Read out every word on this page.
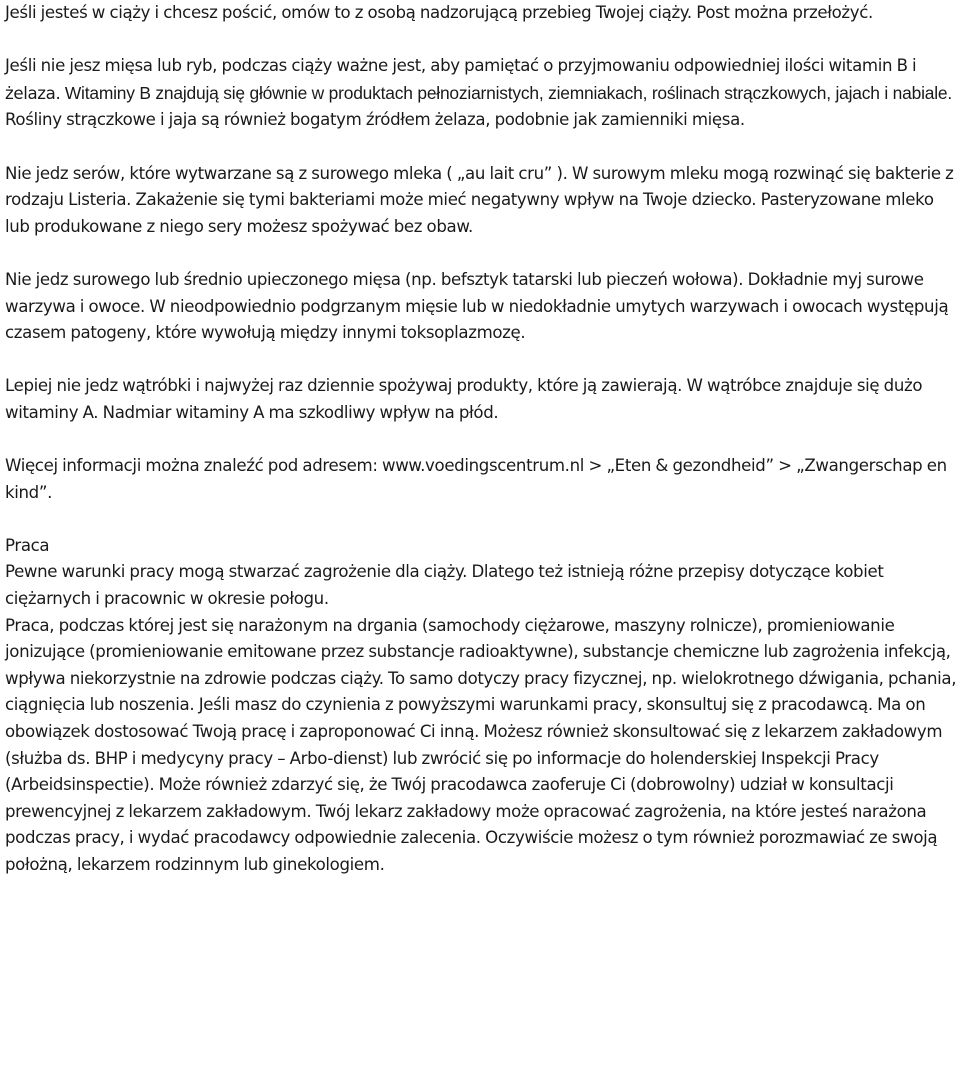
Jeśli jesteś w ciąży i chcesz pościć, omów to z osobą nadzorującą przebieg Twojej ciąży. Post można przełożyć.

Jeśli nie jesz mięsa lub ryb, podczas ciąży ważne jest, aby pamiętać o przyjmowaniu odpowiedniej ilości witamin B i żelaza. Witaminy B znajdują się głównie w produktach pełnoziarnistych, ziemniakach, roślinach strączkowych, jajach i nabiale. Rośliny strączkowe i jaja są również bogatym źródłem żelaza, podobnie jak zamienniki mięsa.

Nie jedz serów, które wytwarzane są z surowego mleka ( „au lait cru” ). W surowym mleku mogą rozwinąć się bakterie z rodzaju Listeria. Zakażenie się tymi bakteriami może mieć negatywny wpływ na Twoje dziecko. Pasteryzowane mleko lub produkowane z niego sery możesz spożywać bez obaw.

Nie jedz surowego lub średnio upieczonego mięsa (np. befsztyk tatarski lub pieczeń wołowa). Dokładnie myj surowe warzywa i owoce. W nieodpowiednio podgrzanym mięsie lub w niedokładnie umytych warzywach i owocach występują czasem patogeny, które wywołują między innymi toksoplazmozę.

Lepiej nie jedz wątróbki i najwyżej raz dziennie spożywaj produkty, które ją zawierają. W wątróbce znajduje się dużo witaminy A. Nadmiar witaminy A ma szkodliwy wpływ na płód.

Więcej informacji można znaleźć pod adresem: www.voedingscentrum.nl > „Eten & gezondheid” > „Zwangerschap en kind”.

Praca

Pewne warunki pracy mogą stwarzać zagrożenie dla ciąży. Dlatego też istnieją różne przepisy dotyczące kobiet ciężarnych i pracownic w okresie połogu.

Praca, podczas której jest się narażonym na drgania (samochody ciężarowe, maszyny rolnicze), promieniowanie jonizujące (promieniowanie emitowane przez substancje radioaktywne), substancje chemiczne lub zagrożenia infekcją, wpływa niekorzystnie na zdrowie podczas ciąży. To samo dotyczy pracy fizycznej, np. wielokrotnego dźwigania, pchania, ciągnięcia lub noszenia. Jeśli masz do czynienia z powyższymi warunkami pracy, skonsultuj się z pracodawcą. Ma on obowiązek dostosować Twoją pracę i zaproponować Ci inną. Możesz również skonsultować się z lekarzem zakładowym (służba ds. BHP i medycyny pracy – Arbo-dienst) lub zwrócić się po informacje do holenderskiej Inspekcji Pracy (Arbeidsinspectie). Może również zdarzyć się, że Twój pracodawca zaoferuje Ci (dobrowolny) udział w konsultacji prewencyjnej z lekarzem zakładowym. Twój lekarz zakładowy może opracować zagrożenia, na które jesteś narażona podczas pracy, i wydać pracodawcy odpowiednie zalecenia. Oczywiście możesz o tym również porozmawiać ze swoją położną, lekarzem rodzinnym lub ginekologiem.
